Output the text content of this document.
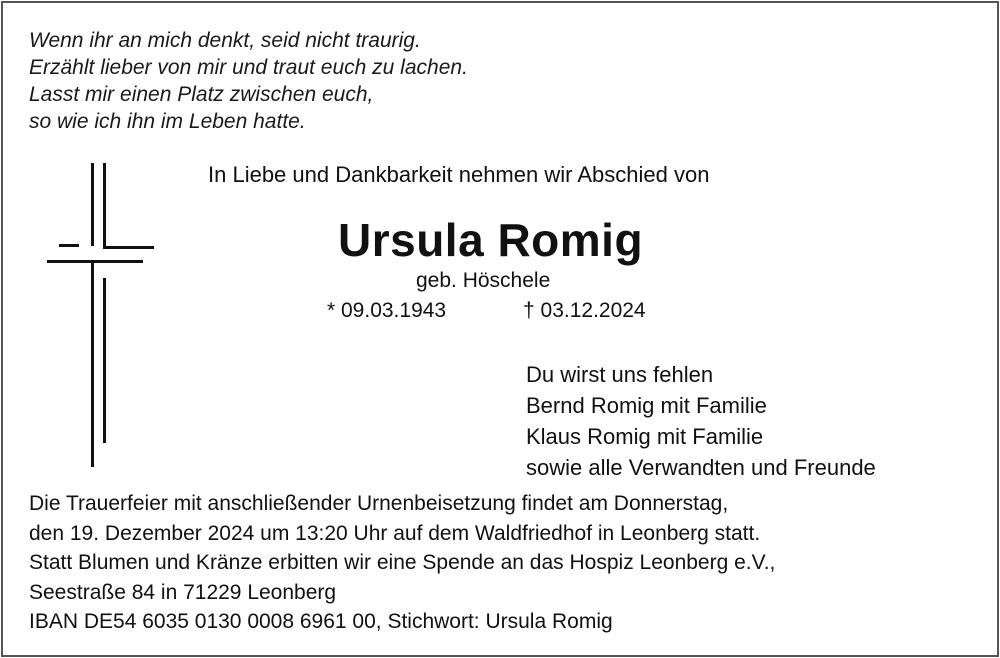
Wenn ihr an mich denkt, seid nicht traurig.
Erzählt lieber von mir und traut euch zu lachen.
Lasst mir einen Platz zwischen euch,
so wie ich ihn im Leben hatte.
In Liebe und Dankbarkeit nehmen wir Abschied von
Ursula Romig
geb. Höschele
* 09.03.1943	† 03.12.2024
Du wirst uns fehlen
Bernd Romig mit Familie
Klaus Romig mit Familie
sowie alle Verwandten und Freunde
Die Trauerfeier mit anschließender Urnenbeisetzung findet am Donnerstag,
den 19. Dezember 2024 um 13:20 Uhr auf dem Waldfriedhof in Leonberg statt.
Statt Blumen und Kränze erbitten wir eine Spende an das Hospiz Leonberg e.V.,
Seestraße 84 in 71229 Leonberg
IBAN DE54 6035 0130 0008 6961 00, Stichwort: Ursula Romig
